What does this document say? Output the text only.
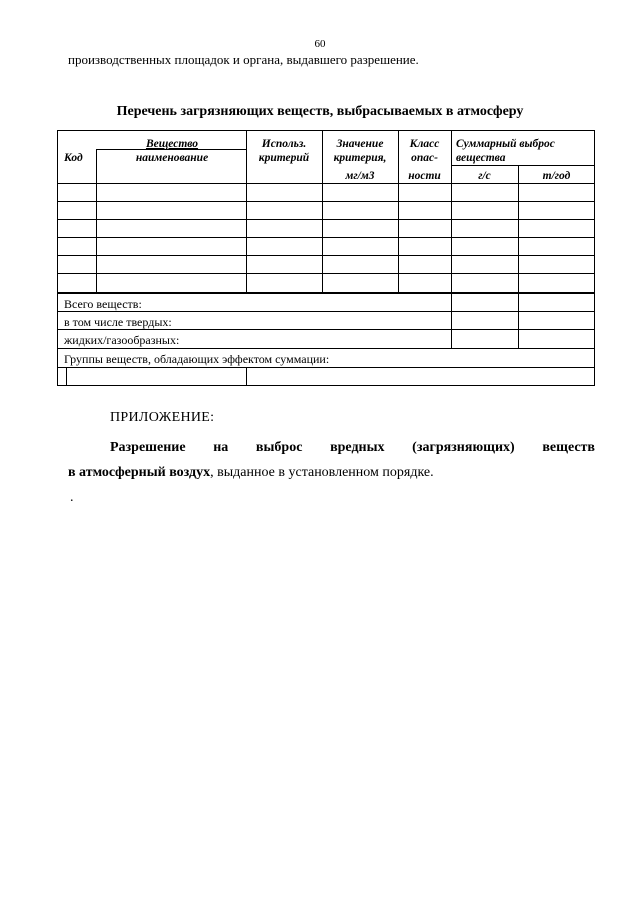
60
производственных площадок и органа, выдавшего разрешение.
Перечень загрязняющих веществ, выбрасываемых в атмосферу
Вещество
Код	наименование
Использ.
критерий
Значение
критерия,
мг/м3
Класс
опас-
ности
Суммарный выброс
вещества
г/с	т/год
Всего веществ:
в том числе твердых:
жидких/газообразных:
Группы веществ, обладающих эффектом суммации:
ПРИЛОЖЕНИЕ:
Разрешение на выброс вредных (загрязняющих) веществ
в атмосферный воздух, выданное в установленном порядке.
.
